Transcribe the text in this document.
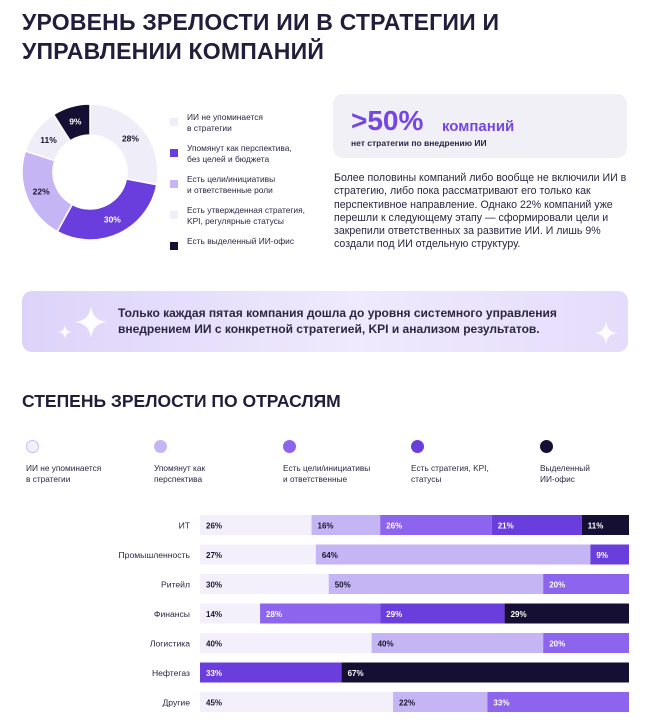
УРОВЕНЬ ЗРЕЛОСТИ ИИ В СТРАТЕГИИ И УПРАВЛЕНИИ КОМПАНИЙ
28%
30%
22%
11%
9%	ИИ не упоминается
в стратегии
Упомянут как перспектива,
без целей и бюджета
Есть цели/инициативы
и ответственные роли
Есть утвержденная стратегия,
KPI, регулярные статусы
Есть выделенный ИИ-офис
>50% компаний
нет стратегии по внедрению ИИ
Более половины компаний либо вообще не включили ИИ в стратегию, либо пока рассматривают его только как перспективное направление. Однако 22% компаний уже перешли к следующему этапу — сформировали цели и закрепили ответственных за развитие ИИ. И лишь 9% создали под ИИ отдельную структуру.
Только каждая пятая компания дошла до уровня системного управления внедрением ИИ с конкретной стратегией, KPI и анализом результатов.
СТЕПЕНЬ ЗРЕЛОСТИ ПО ОТРАСЛЯМ
ИИ не упоминается
в стратегии
Упомянут как
перспектива
Есть цели/инициативы
и ответственные
Есть стратегия, KPI,
статусы
Выделенный
ИИ-офис
ИТ 26%	16%	26%	21%	11%
Промышленность 27%	64%	9%
Ритейл 30%	50%	20%
Финансы 14%	28%	29%	29%
Логистика 40%	40%	20%
Нефтегаз 33%	67%
Другие 45%	22%	33%
